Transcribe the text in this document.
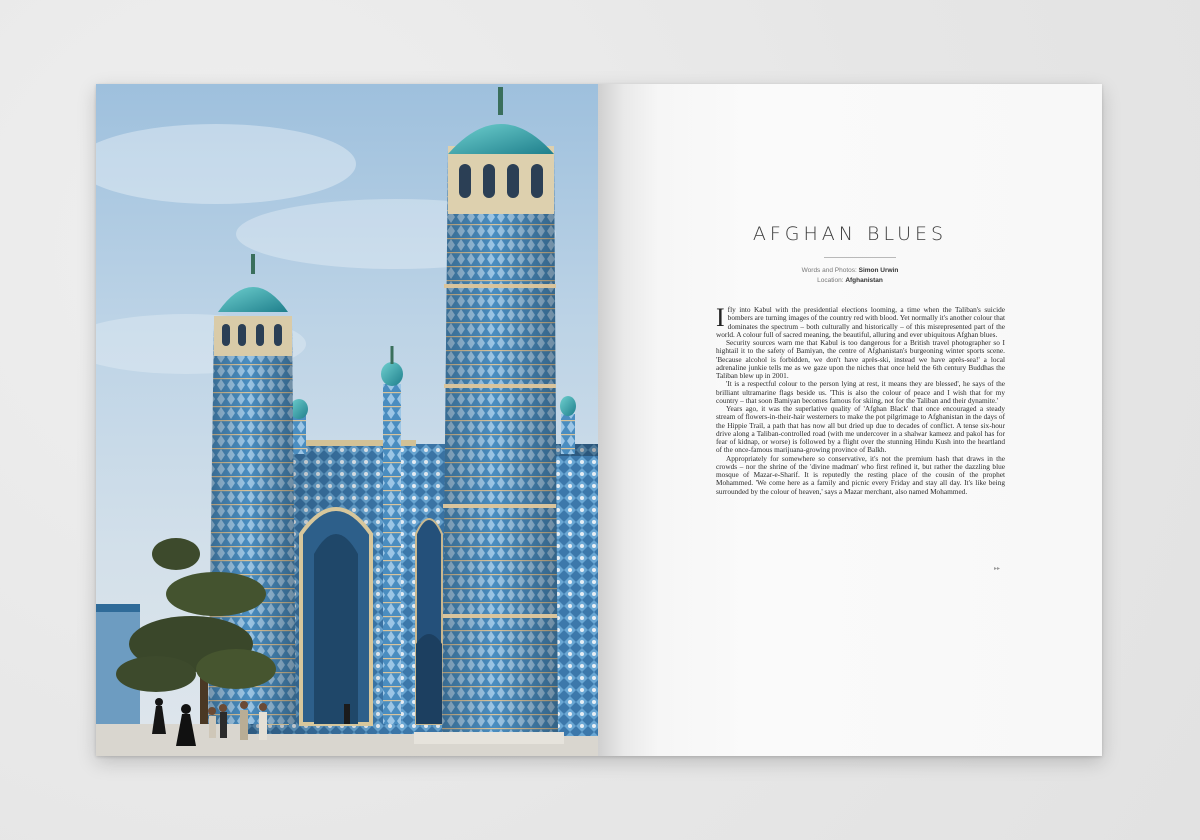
AFGHAN BLUES
Words and Photos: Simon Urwin
Location: Afghanistan

Ifly into Kabul with the presidential elections looming, a time when the Taliban's suicide bombers are turning images of the country red with blood. Yet normally it's another colour that dominates the spectrum – both culturally and historically – of this misrepresented part of the world. A colour full of sacred meaning, the beautiful, alluring and ever ubiquitous Afghan blues.

Security sources warn me that Kabul is too dangerous for a British travel photographer so I hightail it to the safety of Bamiyan, the centre of Afghanistan's burgeoning winter sports scene. 'Because alcohol is forbidden, we don't have après-ski, instead we have après-sea!' a local adrenaline junkie tells me as we gaze upon the niches that once held the 6th century Buddhas the Taliban blew up in 2001.

'It is a respectful colour to the person lying at rest, it means they are blessed', he says of the brilliant ultramarine flags beside us. 'This is also the colour of peace and I wish that for my country – that soon Bamiyan becomes famous for skiing, not for the Taliban and their dynamite.'

Years ago, it was the superlative quality of 'Afghan Black' that once encouraged a steady stream of flowers-in-their-hair westerners to make the pot pilgrimage to Afghanistan in the days of the Hippie Trail, a path that has now all but dried up due to decades of conflict. A tense six-hour drive along a Taliban-controlled road (with me undercover in a shalwar kameez and pakol has for fear of kidnap, or worse) is followed by a flight over the stunning Hindu Kush into the heartland of the once-famous marijuana-growing province of Balkh.

Appropriately for somewhere so conservative, it's not the premium hash that draws in the crowds – nor the shrine of the 'divine madman' who first refined it, but rather the dazzling blue mosque of Mazar-e-Sharif. It is reputedly the resting place of the cousin of the prophet Mohammed. 'We come here as a family and picnic every Friday and stay all day. It's like being surrounded by the colour of heaven,' says a Mazar merchant, also named Mohammed.

▸▸
